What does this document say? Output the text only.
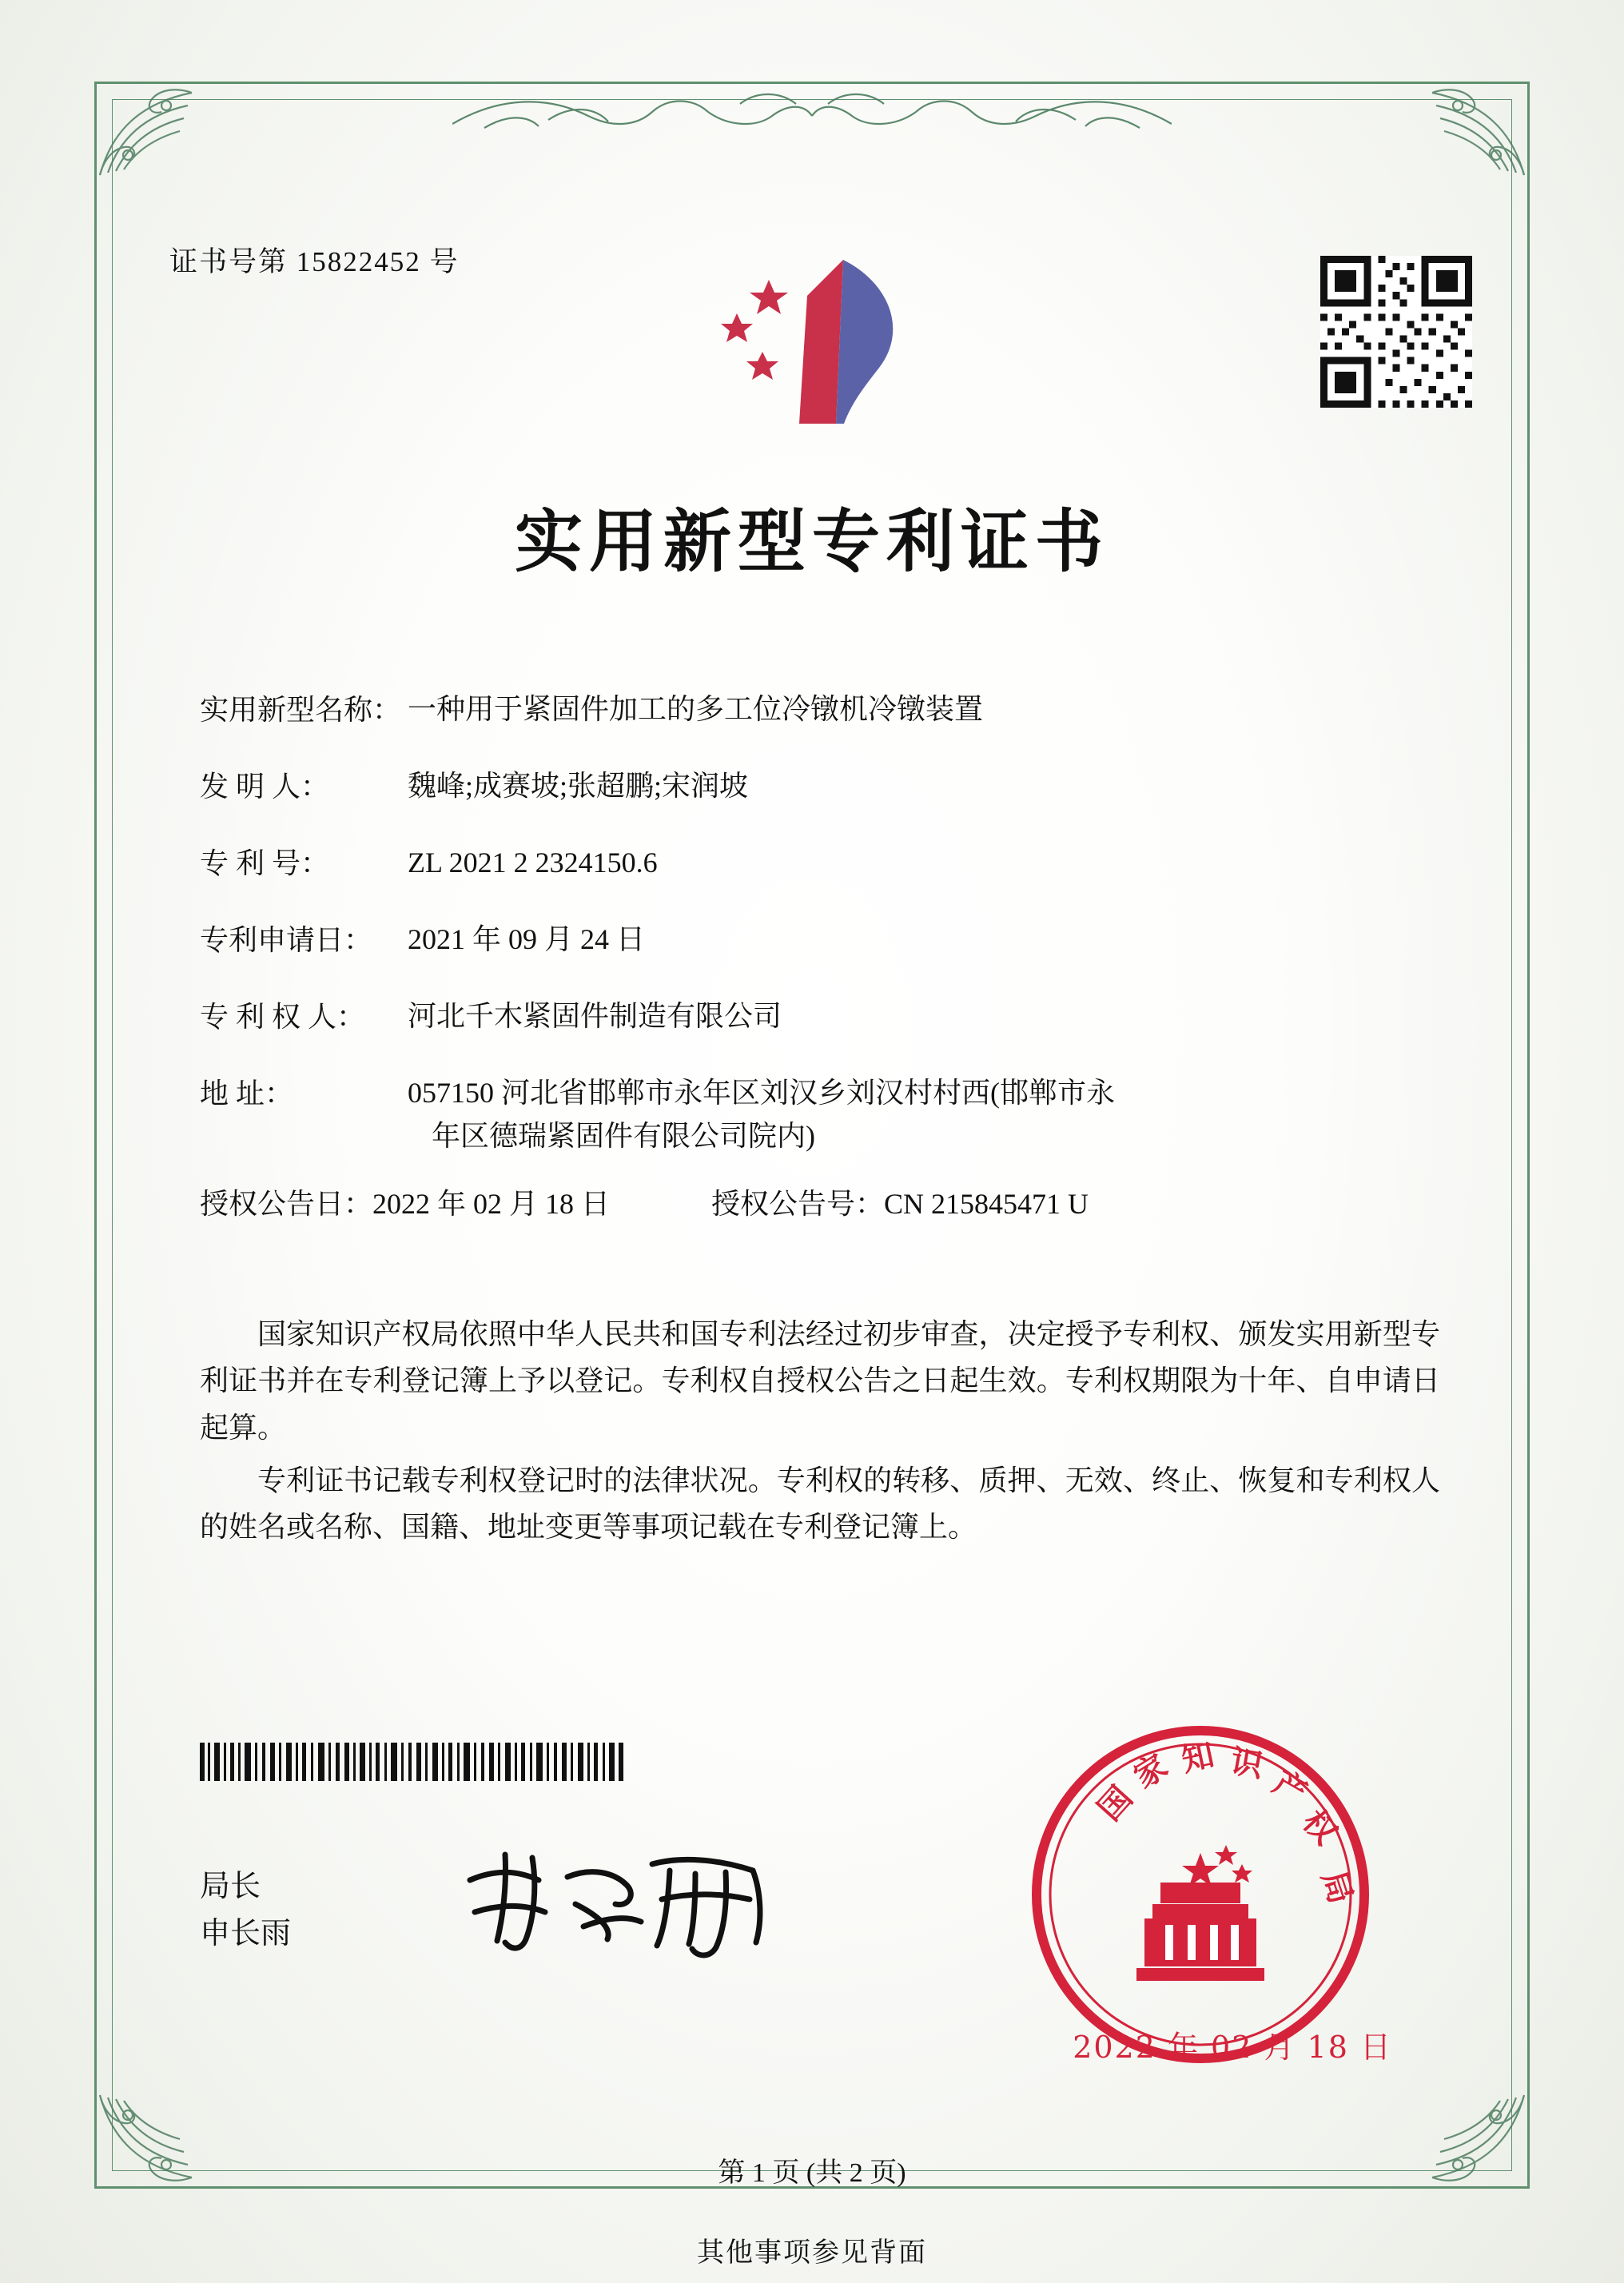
证书号第 15822452 号
实用新型专利证书
实用新型名称： 一种用于紧固件加工的多工位冷镦机冷镦装置
发 明 人：	魏峰;成赛坡;张超鹏;宋润坡
专 利 号：	ZL 2021 2 2324150.6
专利申请日：	2021 年 09 月 24 日
专 利 权 人：	河北千木紧固件制造有限公司
地 址：	057150 河北省邯郸市永年区刘汉乡刘汉村村西(邯郸市永
年区德瑞紧固件有限公司院内)
授权公告日：2022 年 02 月 18 日	授权公告号：CN 215845471 U

国家知识产权局依照中华人民共和国专利法经过初步审查，决定授予专利权、颁发实用新型专利证书并在专利登记簿上予以登记。专利权自授权公告之日起生效。专利权期限为十年、自申请日起算。

专利证书记载专利权登记时的法律状况。专利权的转移、质押、无效、终止、恢复和专利权人的姓名或名称、国籍、地址变更等事项记载在专利登记簿上。

局长
申长雨
国
家 知 识 产
权
局
2022 年 02 月 18 日
第 1 页 (共 2 页)
其他事项参见背面
